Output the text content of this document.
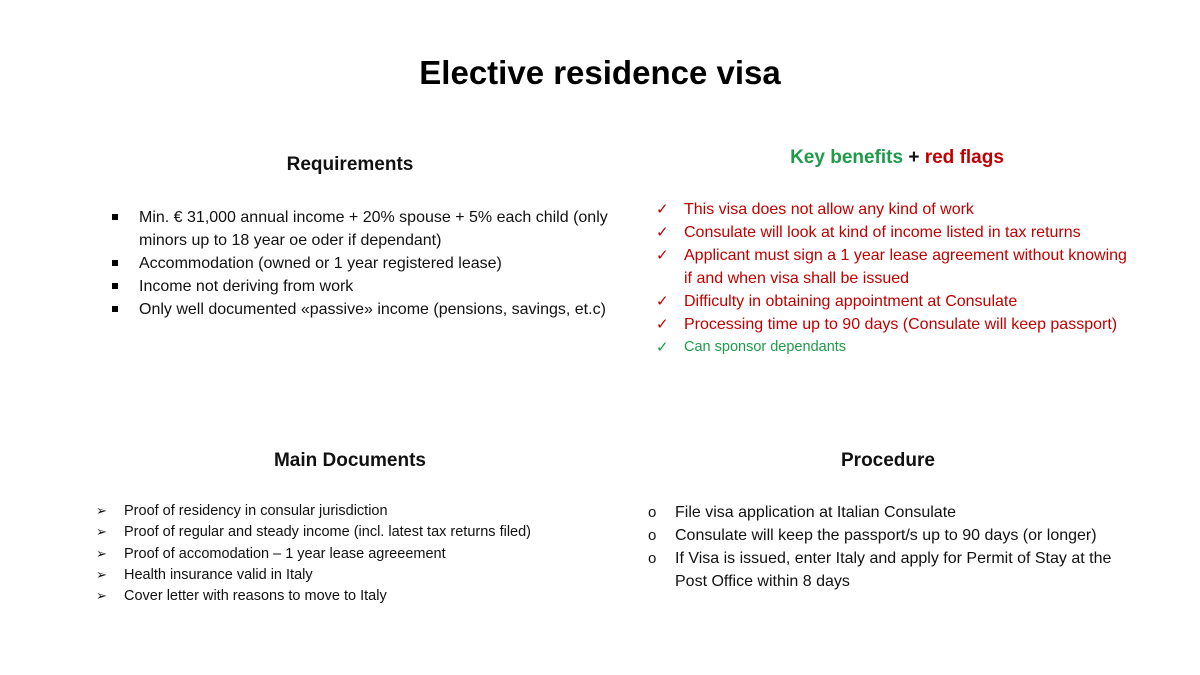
Elective residence visa
Requirements
Min. € 31,000 annual income + 20% spouse + 5% each child (only minors up to 18 year oe oder if dependant)
Accommodation (owned or 1 year registered lease)
Income not deriving from work
Only well documented «passive» income (pensions, savings, et.c)
Key benefits + red flags
✓ This visa does not allow any kind of work
✓ Consulate will look at kind of income listed in tax returns
✓ Applicant must sign a 1 year lease agreement without knowing if and when visa shall be issued
✓ Difficulty in obtaining appointment at Consulate
✓ Processing time up to 90 days (Consulate will keep passport)
✓ Can sponsor dependants
Main Documents
➢ Proof of residency in consular jurisdiction
➢ Proof of regular and steady income (incl. latest tax returns filed)
➢ Proof of accomodation – 1 year lease agreeement
➢ Health insurance valid in Italy
➢ Cover letter with reasons to move to Italy
Procedure
o File visa application at Italian Consulate
o Consulate will keep the passport/s up to 90 days (or longer)
o If Visa is issued, enter Italy and apply for Permit of Stay at the Post Office within 8 days
